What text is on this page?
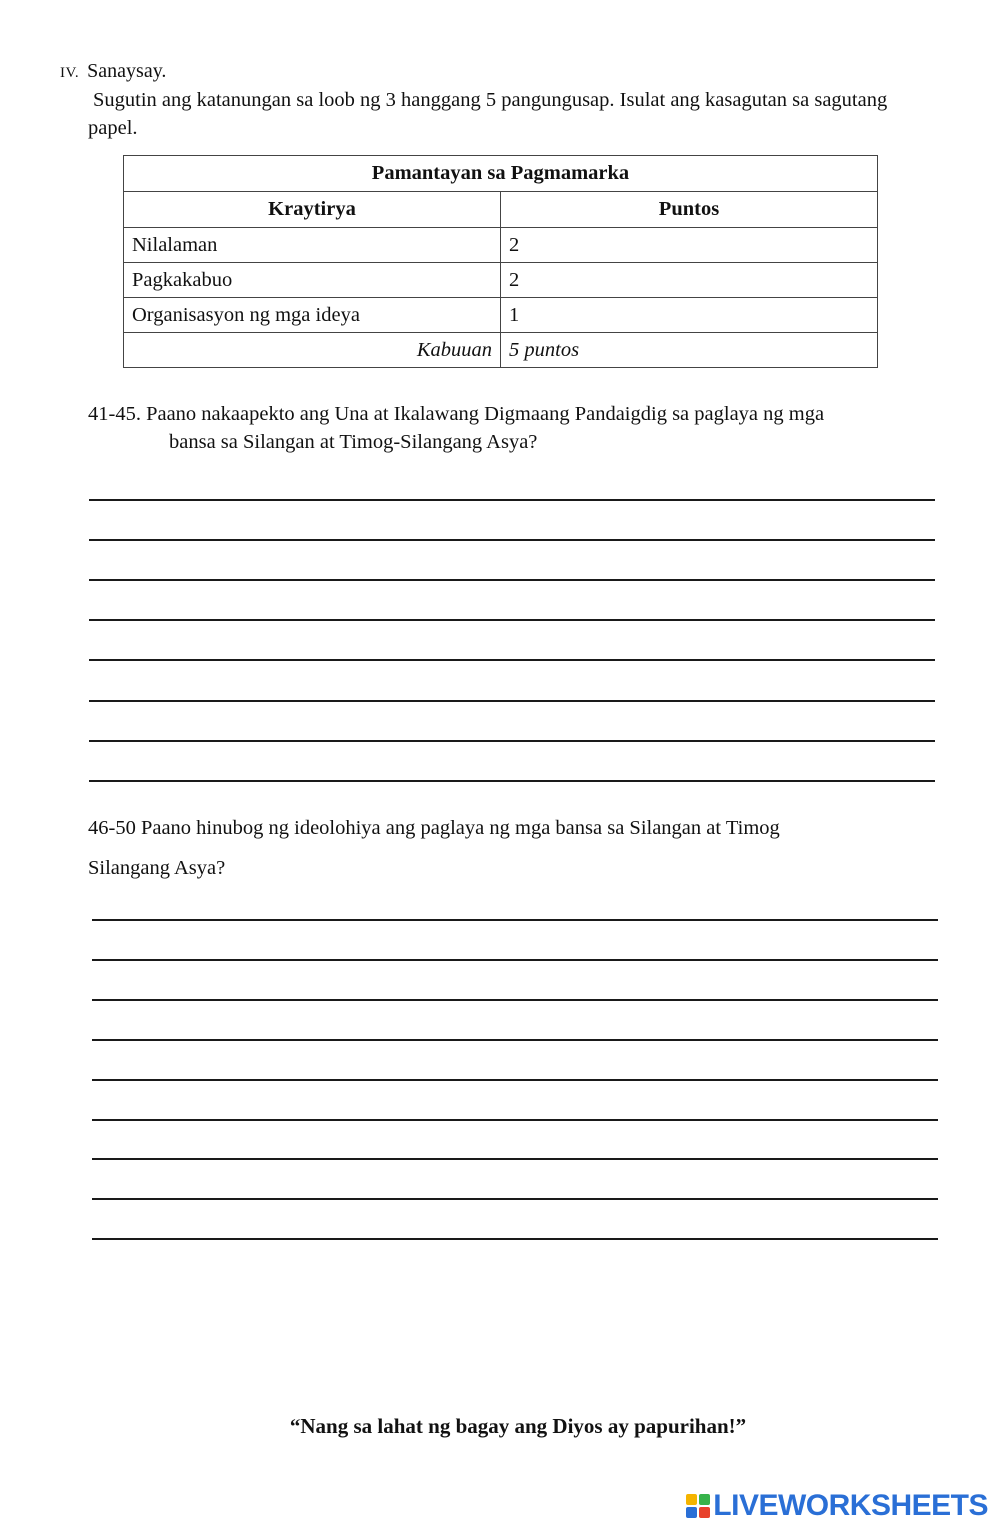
IV. Sanaysay.
Sugutin ang katanungan sa loob ng 3 hanggang 5 pangungusap. Isulat ang kasagutan sa sagutang papel.
Pamantayan sa Pagmamarka	
Kraytirya	Puntos
Nilalaman	2
Pagkakabuo	2
Organisasyon ng mga ideya	1
Kabuuan	5 puntos
41-45. Paano nakaapekto ang Una at Ikalawang Digmaang Pandaigdig sa paglaya ng mga
bansa sa Silangan at Timog-Silangang Asya?
46-50 Paano hinubog ng ideolohiya ang paglaya ng mga bansa sa Silangan at Timog
Silangang Asya?
“Nang sa lahat ng bagay ang Diyos ay papurihan!”
LIVEWORKSHEETS
